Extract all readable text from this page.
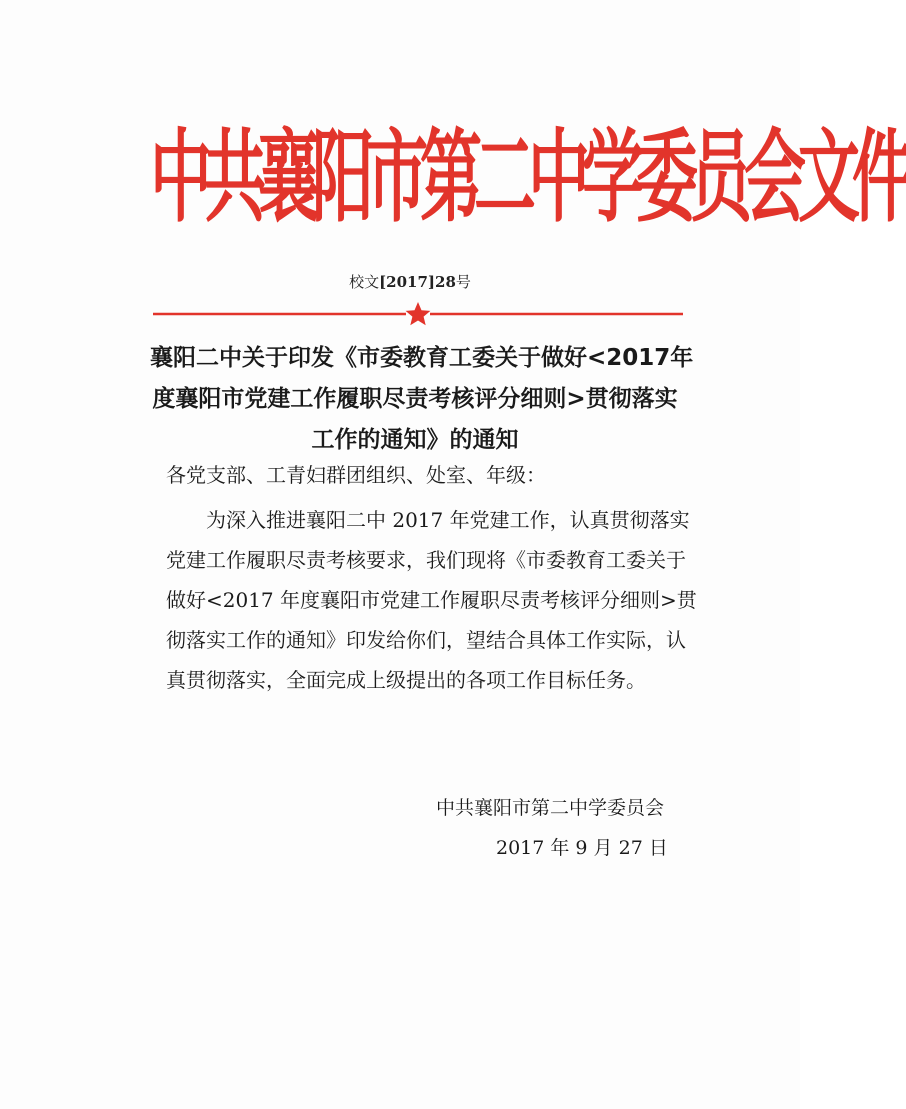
中共襄阳市第二中学委员会文件
校文[2017]28号
襄阳二中关于印发《市委教育工委关于做好<2017年
度襄阳市党建工作履职尽责考核评分细则>贯彻落实
工作的通知》的通知
各党支部、工青妇群团组织、处室、年级：
为深入推进襄阳二中 2017 年党建工作，认真贯彻落实
党建工作履职尽责考核要求，我们现将《市委教育工委关于
做好<2017 年度襄阳市党建工作履职尽责考核评分细则>贯
彻落实工作的通知》印发给你们，望结合具体工作实际，认
真贯彻落实，全面完成上级提出的各项工作目标任务。
中共襄阳市第二中学委员会
2017 年 9 月 27 日
